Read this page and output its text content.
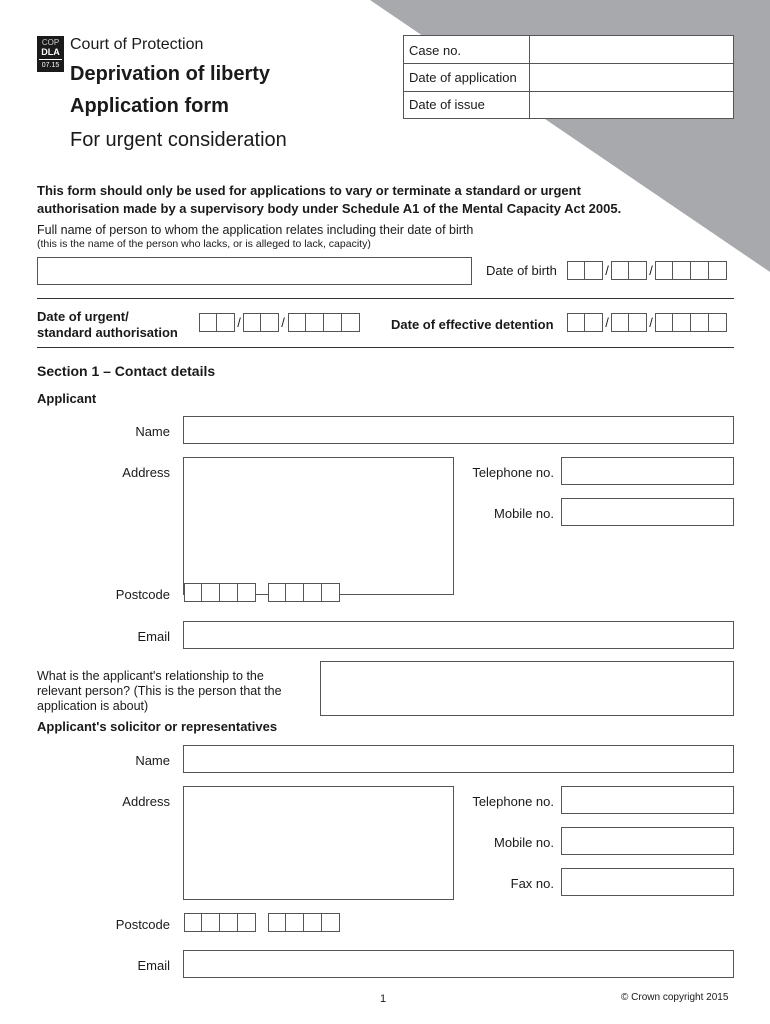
COP
DLA
07.15
Court of Protection
Deprivation of liberty
Application form
For urgent consideration
Case no.
Date of application
Date of issue
This form should only be used for applications to vary or terminate a standard or urgent
authorisation made by a supervisory body under Schedule A1 of the Mental Capacity Act 2005.
Full name of person to whom the application relates including their date of birth
(this is the name of the person who lacks, or is alleged to lack, capacity)
Date of birth	/	/
Date of urgent/
standard authorisation
/	/	Date of effective detention	/	/
Section 1 – Contact details
Applicant
Name
Address	Telephone no.
Mobile no.
Postcode
Email
What is the applicant's relationship to the
relevant person? (This is the person that the
application is about)
Applicant's solicitor or representatives
Name
Address	Telephone no.
Mobile no.
Fax no.
Postcode
Email
1	© Crown copyright 2015
